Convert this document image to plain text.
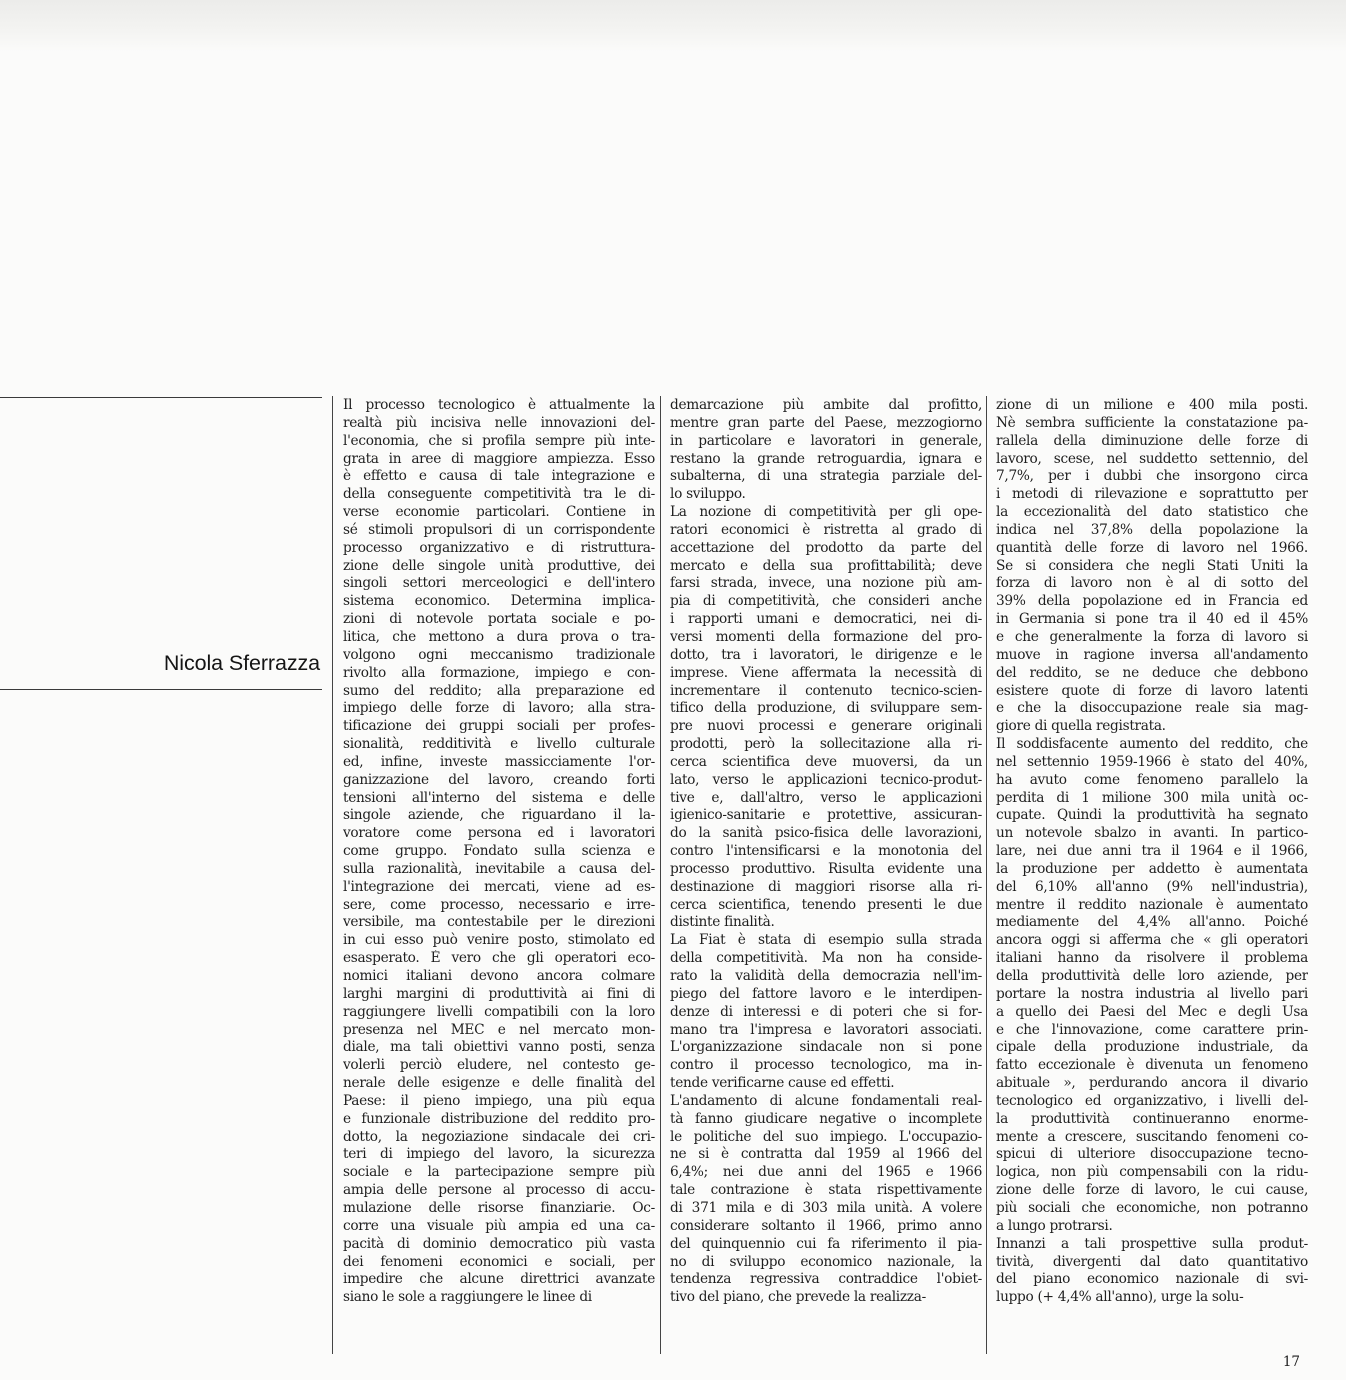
Nicola Sferrazza
Il processo tecnologico è attualmente la
realtà più incisiva nelle innovazioni del-
l'economia, che si profila sempre più inte-
grata in aree di maggiore ampiezza. Esso
è effetto e causa di tale integrazione e
della conseguente competitività tra le di-
verse economie particolari. Contiene in
sé stimoli propulsori di un corrispondente
processo organizzativo e di ristruttura-
zione delle singole unità produttive, dei
singoli settori merceologici e dell'intero
sistema economico. Determina implica-
zioni di notevole portata sociale e po-
litica, che mettono a dura prova o tra-
volgono ogni meccanismo tradizionale
rivolto alla formazione, impiego e con-
sumo del reddito; alla preparazione ed
impiego delle forze di lavoro; alla stra-
tificazione dei gruppi sociali per profes-
sionalità, redditività e livello culturale
ed, infine, investe massicciamente l'or-
ganizzazione del lavoro, creando forti
tensioni all'interno del sistema e delle
singole aziende, che riguardano il la-
voratore come persona ed i lavoratori
come gruppo. Fondato sulla scienza e
sulla razionalità, inevitabile a causa del-
l'integrazione dei mercati, viene ad es-
sere, come processo, necessario e irre-
versibile, ma contestabile per le direzioni
in cui esso può venire posto, stimolato ed
esasperato. È vero che gli operatori eco-
nomici italiani devono ancora colmare
larghi margini di produttività ai fini di
raggiungere livelli compatibili con la loro
presenza nel MEC e nel mercato mon-
diale, ma tali obiettivi vanno posti, senza
volerli perciò eludere, nel contesto ge-
nerale delle esigenze e delle finalità del
Paese: il pieno impiego, una più equa
e funzionale distribuzione del reddito pro-
dotto, la negoziazione sindacale dei cri-
teri di impiego del lavoro, la sicurezza
sociale e la partecipazione sempre più
ampia delle persone al processo di accu-
mulazione delle risorse finanziarie. Oc-
corre una visuale più ampia ed una ca-
pacità di dominio democratico più vasta
dei fenomeni economici e sociali, per
impedire che alcune direttrici avanzate
siano le sole a raggiungere le linee di
demarcazione più ambite dal profitto,
mentre gran parte del Paese, mezzogiorno
in particolare e lavoratori in generale,
restano la grande retroguardia, ignara e
subalterna, di una strategia parziale del-
lo sviluppo.
La nozione di competitività per gli ope-
ratori economici è ristretta al grado di
accettazione del prodotto da parte del
mercato e della sua profittabilità; deve
farsi strada, invece, una nozione più am-
pia di competitività, che consideri anche
i rapporti umani e democratici, nei di-
versi momenti della formazione del pro-
dotto, tra i lavoratori, le dirigenze e le
imprese. Viene affermata la necessità di
incrementare il contenuto tecnico-scien-
tifico della produzione, di sviluppare sem-
pre nuovi processi e generare originali
prodotti, però la sollecitazione alla ri-
cerca scientifica deve muoversi, da un
lato, verso le applicazioni tecnico-produt-
tive e, dall'altro, verso le applicazioni
igienico-sanitarie e protettive, assicuran-
do la sanità psico-fisica delle lavorazioni,
contro l'intensificarsi e la monotonia del
processo produttivo. Risulta evidente una
destinazione di maggiori risorse alla ri-
cerca scientifica, tenendo presenti le due
distinte finalità.
La Fiat è stata di esempio sulla strada
della competitività. Ma non ha conside-
rato la validità della democrazia nell'im-
piego del fattore lavoro e le interdipen-
denze di interessi e di poteri che si for-
mano tra l'impresa e lavoratori associati.
L'organizzazione sindacale non si pone
contro il processo tecnologico, ma in-
tende verificarne cause ed effetti.
L'andamento di alcune fondamentali real-
tà fanno giudicare negative o incomplete
le politiche del suo impiego. L'occupazio-
ne si è contratta dal 1959 al 1966 del
6,4%; nei due anni del 1965 e 1966
tale contrazione è stata rispettivamente
di 371 mila e di 303 mila unità. A volere
considerare soltanto il 1966, primo anno
del quinquennio cui fa riferimento il pia-
no di sviluppo economico nazionale, la
tendenza regressiva contraddice l'obiet-
tivo del piano, che prevede la realizza-
zione di un milione e 400 mila posti.
Nè sembra sufficiente la constatazione pa-
rallela della diminuzione delle forze di
lavoro, scese, nel suddetto settennio, del
7,7%, per i dubbi che insorgono circa
i metodi di rilevazione e soprattutto per
la eccezionalità del dato statistico che
indica nel 37,8% della popolazione la
quantità delle forze di lavoro nel 1966.
Se si considera che negli Stati Uniti la
forza di lavoro non è al di sotto del
39% della popolazione ed in Francia ed
in Germania si pone tra il 40 ed il 45%
e che generalmente la forza di lavoro si
muove in ragione inversa all'andamento
del reddito, se ne deduce che debbono
esistere quote di forze di lavoro latenti
e che la disoccupazione reale sia mag-
giore di quella registrata.
Il soddisfacente aumento del reddito, che
nel settennio 1959-1966 è stato del 40%,
ha avuto come fenomeno parallelo la
perdita di 1 milione 300 mila unità oc-
cupate. Quindi la produttività ha segnato
un notevole sbalzo in avanti. In partico-
lare, nei due anni tra il 1964 e il 1966,
la produzione per addetto è aumentata
del 6,10% all'anno (9% nell'industria),
mentre il reddito nazionale è aumentato
mediamente del 4,4% all'anno. Poiché
ancora oggi si afferma che « gli operatori
italiani hanno da risolvere il problema
della produttività delle loro aziende, per
portare la nostra industria al livello pari
a quello dei Paesi del Mec e degli Usa
e che l'innovazione, come carattere prin-
cipale della produzione industriale, da
fatto eccezionale è divenuta un fenomeno
abituale », perdurando ancora il divario
tecnologico ed organizzativo, i livelli del-
la produttività continueranno enorme-
mente a crescere, suscitando fenomeni co-
spicui di ulteriore disoccupazione tecno-
logica, non più compensabili con la ridu-
zione delle forze di lavoro, le cui cause,
più sociali che economiche, non potranno
a lungo protrarsi.
Innanzi a tali prospettive sulla produt-
tività, divergenti dal dato quantitativo
del piano economico nazionale di svi-
luppo (+ 4,4% all'anno), urge la solu-
17
